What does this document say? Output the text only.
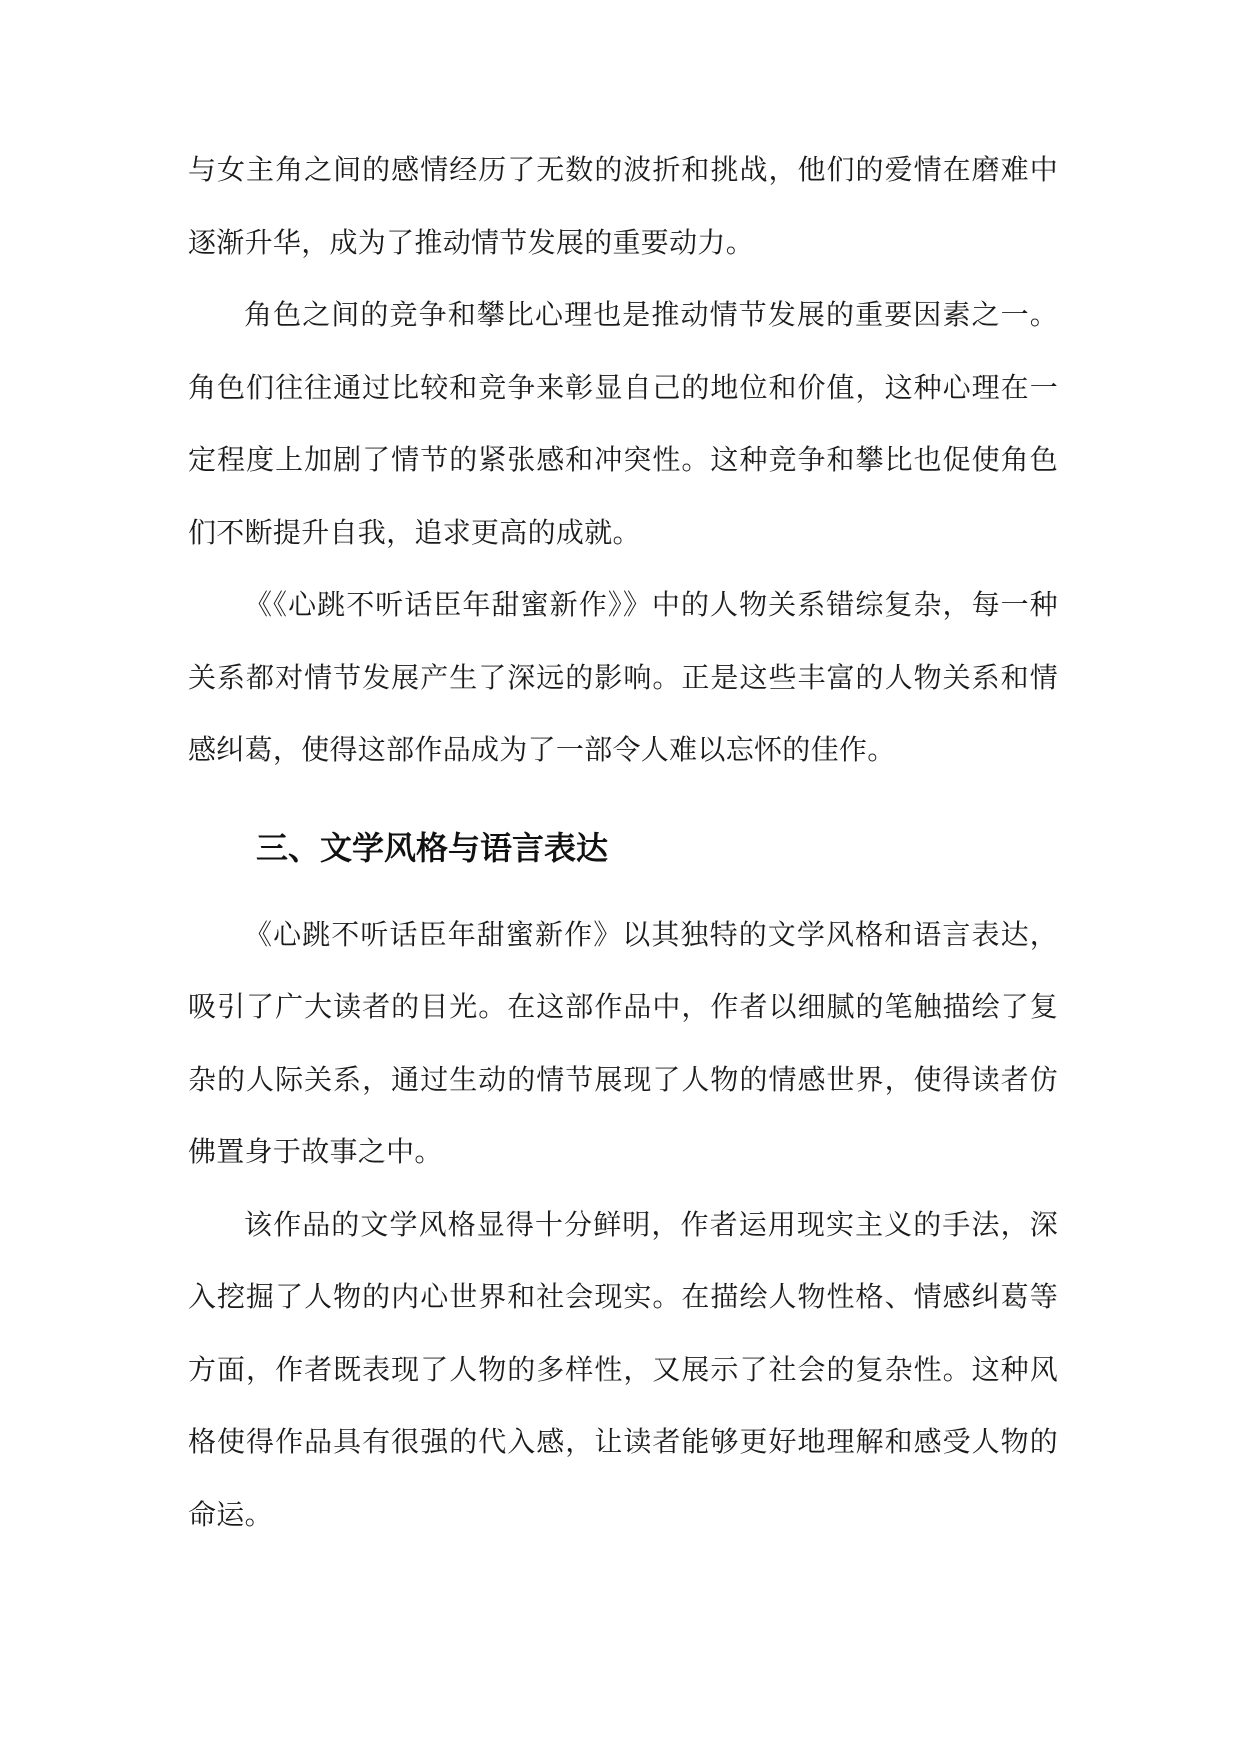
与女主角之间的感情经历了无数的波折和挑战，他们的爱情在磨难中逐渐升华，成为了推动情节发展的重要动力。

角色之间的竞争和攀比心理也是推动情节发展的重要因素之一。角色们往往通过比较和竞争来彰显自己的地位和价值，这种心理在一定程度上加剧了情节的紧张感和冲突性。这种竞争和攀比也促使角色们不断提升自我，追求更高的成就。

《《心跳不听话臣年甜蜜新作》》中的人物关系错综复杂，每一种关系都对情节发展产生了深远的影响。正是这些丰富的人物关系和情感纠葛，使得这部作品成为了一部令人难以忘怀的佳作。

三、文学风格与语言表达

《心跳不听话臣年甜蜜新作》以其独特的文学风格和语言表达，吸引了广大读者的目光。在这部作品中，作者以细腻的笔触描绘了复杂的人际关系，通过生动的情节展现了人物的情感世界，使得读者仿佛置身于故事之中。

该作品的文学风格显得十分鲜明，作者运用现实主义的手法，深入挖掘了人物的内心世界和社会现实。在描绘人物性格、情感纠葛等方面，作者既表现了人物的多样性，又展示了社会的复杂性。这种风格使得作品具有很强的代入感，让读者能够更好地理解和感受人物的命运。
